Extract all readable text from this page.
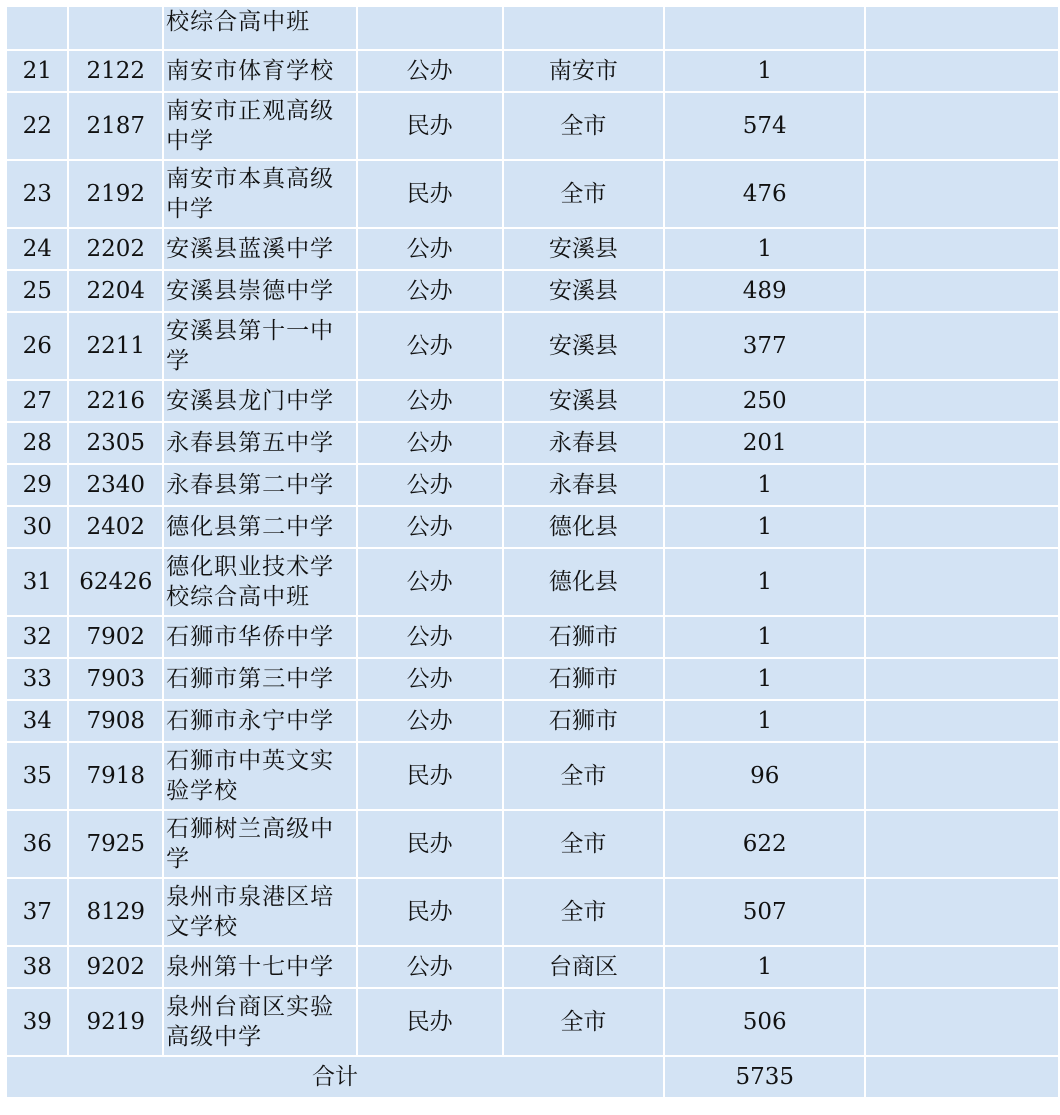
		校综合高中班				
21	2122	南安市体育学校	公办	南安市	1	
22	2187	南安市正观高级中学	民办	全市	574	
23	2192	南安市本真高级中学	民办	全市	476	
24	2202	安溪县蓝溪中学	公办	安溪县	1	
25	2204	安溪县崇德中学	公办	安溪县	489	
26	2211	安溪县第十一中学	公办	安溪县	377	
27	2216	安溪县龙门中学	公办	安溪县	250	
28	2305	永春县第五中学	公办	永春县	201	
29	2340	永春县第二中学	公办	永春县	1	
30	2402	德化县第二中学	公办	德化县	1	
31	62426	德化职业技术学校综合高中班	公办	德化县	1	
32	7902	石狮市华侨中学	公办	石狮市	1	
33	7903	石狮市第三中学	公办	石狮市	1	
34	7908	石狮市永宁中学	公办	石狮市	1	
35	7918	石狮市中英文实验学校	民办	全市	96	
36	7925	石狮树兰高级中学	民办	全市	622	
37	8129	泉州市泉港区培文学校	民办	全市	507	
38	9202	泉州第十七中学	公办	台商区	1	
39	9219	泉州台商区实验高级中学	民办	全市	506	
合计					5735	
